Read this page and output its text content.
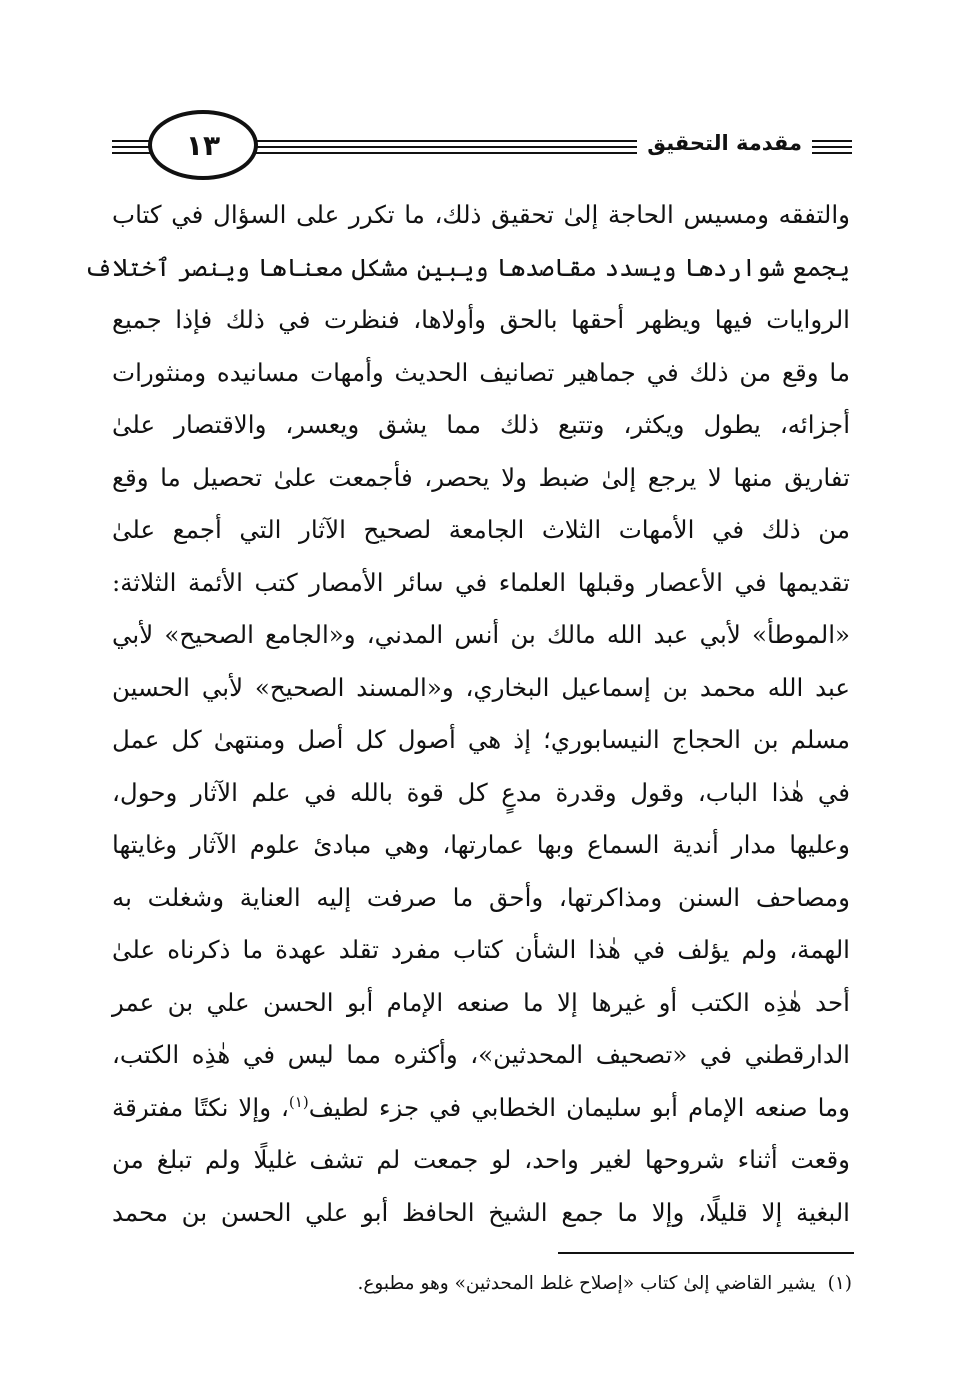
١٣	مقدمة التحقيق
والتفقه ومسيس الحاجة إلىٰ تحقيق ذلك، ما تكرر على السؤال في كتاب
يجمع شواردها ويسدد مقاصدها ويبين مشكل معناها وينصر ٱختلاف
الروايات فيها ويظهر أحقها بالحق وأولاها، فنظرت في ذلك فإذا جميع
ما وقع من ذلك في جماهير تصانيف الحديث وأمهات مسانيده ومنثورات
أجزائه، يطول ويكثر، وتتبع ذلك مما يشق ويعسر، والاقتصار علىٰ
تفاريق منها لا يرجع إلىٰ ضبط ولا يحصر، فأجمعت علىٰ تحصيل ما وقع
من ذلك في الأمهات الثلاث الجامعة لصحيح الآثار التي أجمع علىٰ
تقديمها في الأعصار وقبلها العلماء في سائر الأمصار كتب الأئمة الثلاثة:
«الموطأ» لأبي عبد الله مالك بن أنس المدني، و«الجامع الصحيح» لأبي
عبد الله محمد بن إسماعيل البخاري، و«المسند الصحيح» لأبي الحسين
مسلم بن الحجاج النيسابوري؛ إذ هي أصول كل أصل ومنتهىٰ كل عمل
في هٰذا الباب، وقول وقدرة مدعٍ كل قوة بالله في علم الآثار وحول،
وعليها مدار أندية السماع وبها عمارتها، وهي مبادئ علوم الآثار وغايتها
ومصاحف السنن ومذاكرتها، وأحق ما صرفت إليه العناية وشغلت به
الهمة، ولم يؤلف في هٰذا الشأن كتاب مفرد تقلد عهدة ما ذكرناه علىٰ
أحد هٰذِه الكتب أو غيرها إلا ما صنعه الإمام أبو الحسن علي بن عمر
الدارقطني في «تصحيف المحدثين»، وأكثره مما ليس في هٰذِه الكتب،
وما صنعه الإمام أبو سليمان الخطابي في جزء لطيف$^{(١)}$، وإلا نكتًا مفترقة
وقعت أثناء شروحها لغير واحد، لو جمعت لم تشف غليلًا ولم تبلغ من
البغية إلا قليلًا، وإلا ما جمع الشيخ الحافظ أبو علي الحسن بن محمد
(١)يشير القاضي إلىٰ كتاب «إصلاح غلط المحدثين» وهو مطبوع.
